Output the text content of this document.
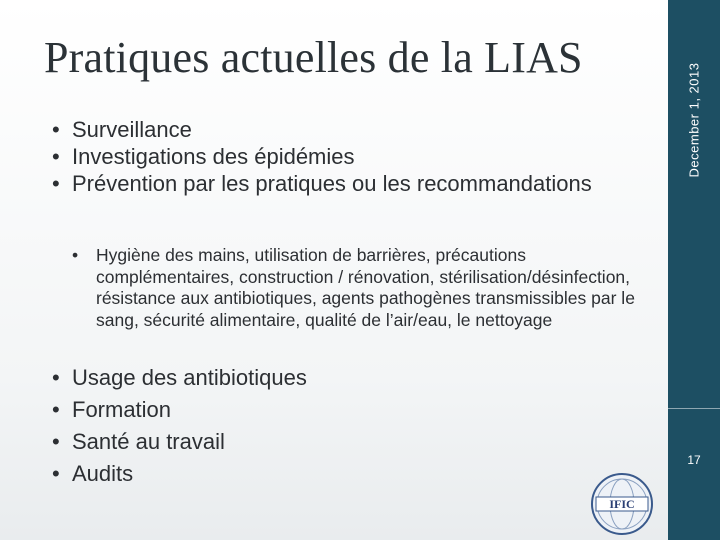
Pratiques actuelles de la LIAS
• Surveillance
• Investigations des épidémies
• Prévention par les pratiques ou les recommandations
• Hygiène des mains, utilisation de barrières, précautions complémentaires, construction / rénovation, stérilisation/désinfection, résistance aux antibiotiques, agents pathogènes transmissibles par le sang, sécurité alimentaire, qualité de l’air/eau, le nettoyage
• Usage des antibiotiques
• Formation
• Santé au travail
• Audits
IFIC
December 1, 2013
17
